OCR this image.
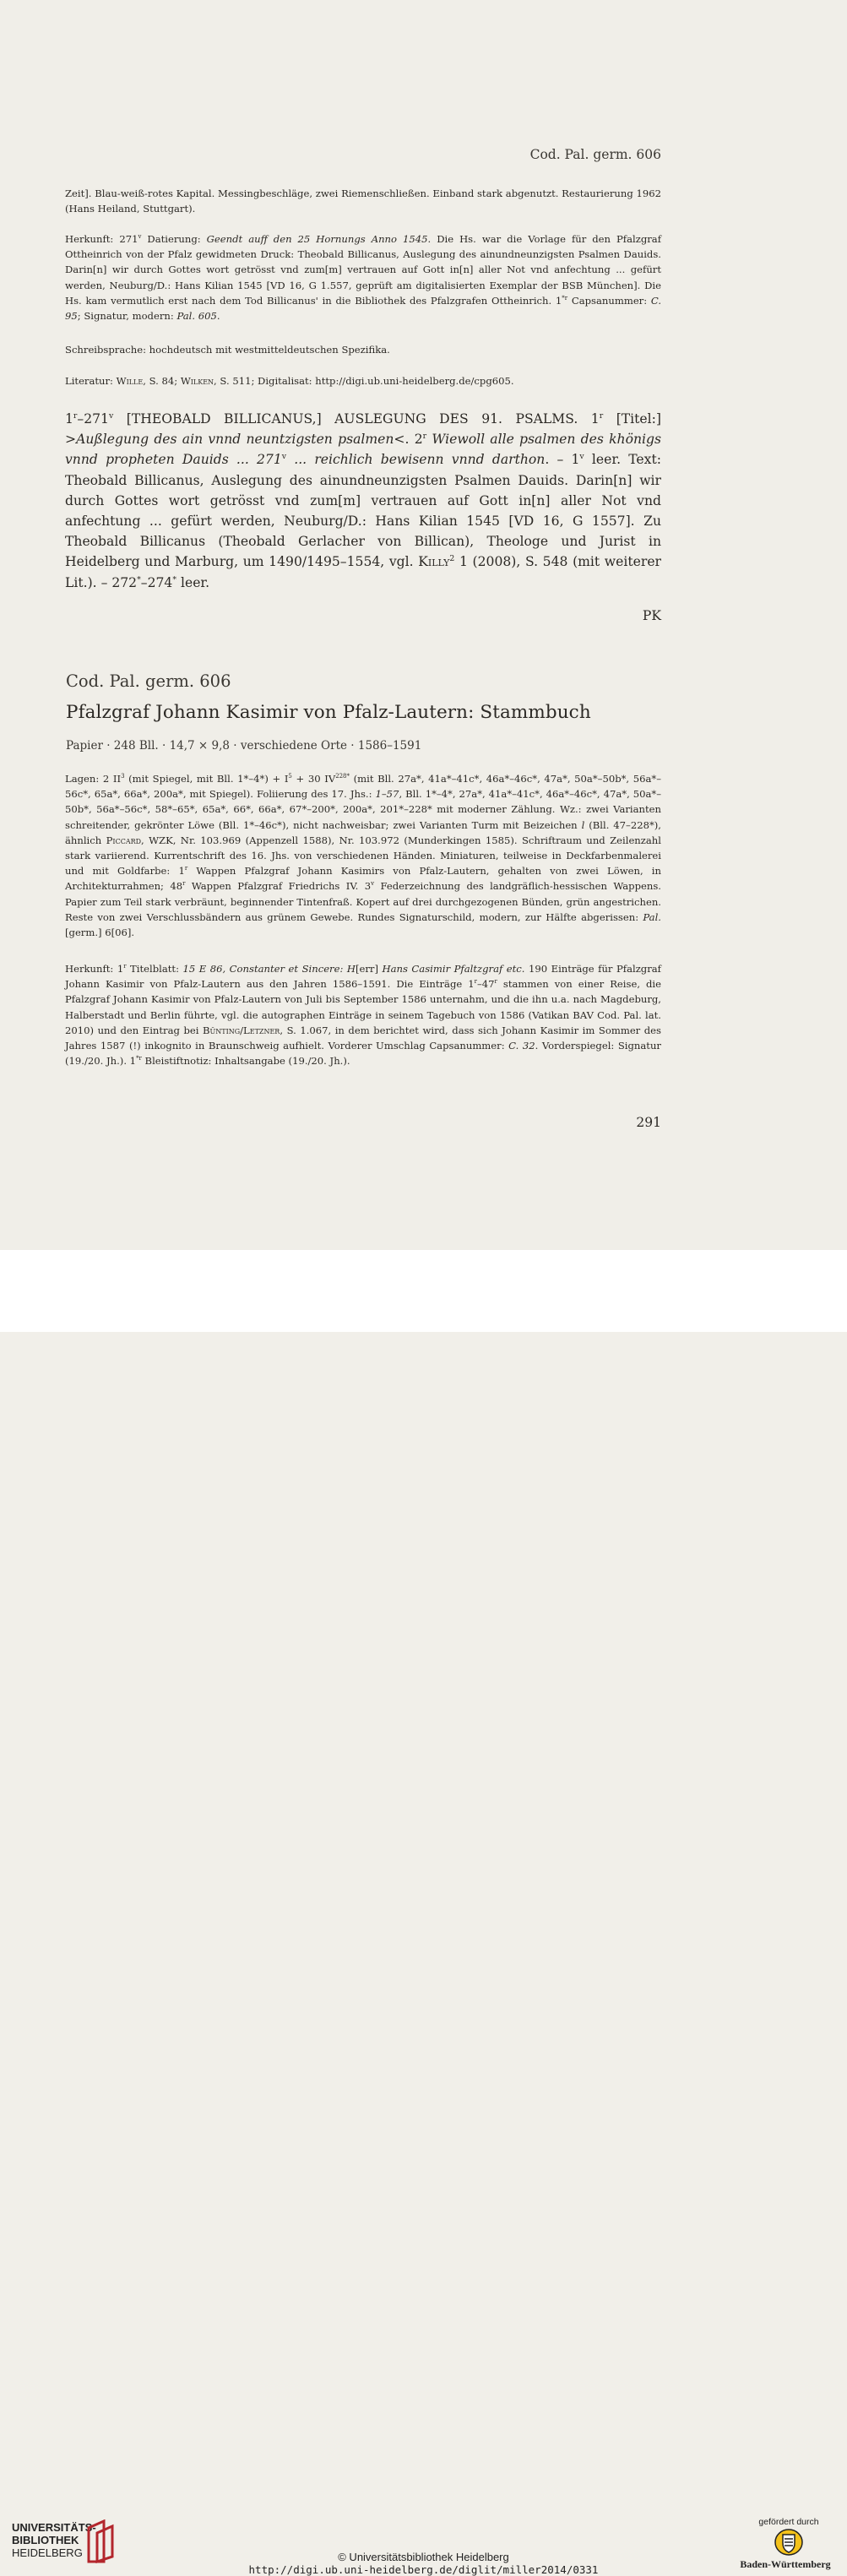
Cod. Pal. germ. 606

Zeit]. Blau-weiß-rotes Kapital. Messingbeschläge, zwei Riemenschließen. Einband stark abgenutzt. Restaurierung 1962 (Hans Heiland, Stuttgart).

Herkunft: 271$^v$ Datierung: Geendt auff den 25 Hornungs Anno 1545. Die Hs. war die Vorlage für den Pfalzgraf Ottheinrich von der Pfalz gewidmeten Druck: Theobald Billicanus, Auslegung des ainundneunzigsten Psalmen Dauids. Darin[n] wir durch Gottes wort getrösst vnd zum[m] vertrauen auf Gott in[n] aller Not vnd anfechtung ... gefürt werden, Neuburg/D.: Hans Kilian 1545 [VD 16, G 1.557, geprüft am digitalisierten Exemplar der BSB München]. Die Hs. kam vermutlich erst nach dem Tod Billicanus' in die Bibliothek des Pfalzgrafen Ottheinrich. 1$^{*r}$ Capsanummer: C. 95; Signatur, modern: Pal. 605.

Schreibsprache: hochdeutsch mit westmitteldeutschen Spezifika.

Literatur: Wille, S. 84; Wilken, S. 511; Digitalisat: http://digi.ub.uni-heidelberg.de/cpg605.

1$^r$–271$^v$ [THEOBALD BILLICANUS,] AUSLEGUNG DES 91. PSALMS. 1$^r$ [Titel:] >Außlegung des ain vnnd neuntzigsten psalmen<. 2$^r$ Wiewoll alle psalmen des khönigs vnnd propheten Dauids ... 271$^v$ ... reichlich bewisenn vnnd darthon. – 1$^v$ leer. Text: Theobald Billicanus, Auslegung des ainundneunzigsten Psalmen Dauids. Darin[n] wir durch Gottes wort getrösst vnd zum[m] vertrauen auf Gott in[n] aller Not vnd anfechtung ... gefürt werden, Neuburg/D.: Hans Kilian 1545 [VD 16, G 1557]. Zu Theobald Billicanus (Theobald Gerlacher von Billican), Theologe und Jurist in Heidelberg und Marburg, um 1490/1495–1554, vgl. Killy$^2$ 1 (2008), S. 548 (mit weiterer Lit.). – 272*–274* leer.

PK
Cod. Pal. germ. 606
Pfalzgraf Johann Kasimir von Pfalz-Lautern: Stammbuch
Papier · 248 Bll. · 14,7 × 9,8 · verschiedene Orte · 1586–1591

Lagen: 2 $II^3$ (mit Spiegel, mit Bll. $1*-4*) + I^5 + 30$ $IV^{228*}$ (mit Bll. 27a*, 41a*–41c*, 46a*–46c*, 47a*, 50a*–50b*, 56a*–56c*, 65a*, 66a*, 200a*, mit Spiegel). Foliierung des 17. Jhs.: 1–57, Bll. 1*–4*, 27a*, 41a*–41c*, 46a*–46c*, 47a*, 50a*–50b*, 56a*–56c*, 58*–65*, 65a*, 66*, 66a*, 67*–200*, 200a*, 201*–228* mit moderner Zählung. Wz.: zwei Varianten schreitender, gekrönter Löwe (Bll. 1*–46c*), nicht nachweisbar; zwei Varianten Turm mit Beizeichen l (Bll. 47–228*), ähnlich Piccard, WZK, Nr. 103.969 (Appenzell 1588), Nr. 103.972 (Munderkingen 1585). Schriftraum und Zeilenzahl stark variierend. Kurrentschrift des 16. Jhs. von verschiedenen Händen. Miniaturen, teilweise in Deckfarbenmalerei und mit Goldfarbe: 1$^r$ Wappen Pfalzgraf Johann Kasimirs von Pfalz-Lautern, gehalten von zwei Löwen, in Architekturrahmen; 48$^r$ Wappen Pfalzgraf Friedrichs IV. 3$^v$ Federzeichnung des landgräflich-hessischen Wappens. Papier zum Teil stark verbräunt, beginnender Tintenfraß. Kopert auf drei durchgezogenen Bünden, grün angestrichen. Reste von zwei Verschlussbändern aus grünem Gewebe. Rundes Signaturschild, modern, zur Hälfte abgerissen: Pal. [germ.] 6[06].

Herkunft: 1$^r$ Titelblatt: 15 E 86, Constanter et Sincere: H[err] Hans Casimir Pfaltzgraf etc. 190 Einträge für Pfalzgraf Johann Kasimir von Pfalz-Lautern aus den Jahren 1586–1591. Die Einträge 1$^r$–47$^r$ stammen von einer Reise, die Pfalzgraf Johann Kasimir von Pfalz-Lautern von Juli bis September 1586 unternahm, und die ihn u.a. nach Magdeburg, Halberstadt und Berlin führte, vgl. die autographen Einträge in seinem Tagebuch von 1586 (Vatikan BAV Cod. Pal. lat. 2010) und den Eintrag bei Bünting/Letzner, S. 1.067, in dem berichtet wird, dass sich Johann Kasimir im Sommer des Jahres 1587 (!) inkognito in Braunschweig aufhielt. Vorderer Umschlag Capsanummer: C. 32. Vorderspiegel: Signatur (19./20. Jh.). 1$^{*r}$ Bleistiftnotiz: Inhaltsangabe (19./20. Jh.).

291
UNIVERSITÄTS-
BIBLIOTHEK
HEIDELBERG	© Universitätsbibliothek Heidelberg
http://digi.ub.uni-heidelberg.de/diglit/miller2014/0331
gefördert durch
Baden-Württemberg
